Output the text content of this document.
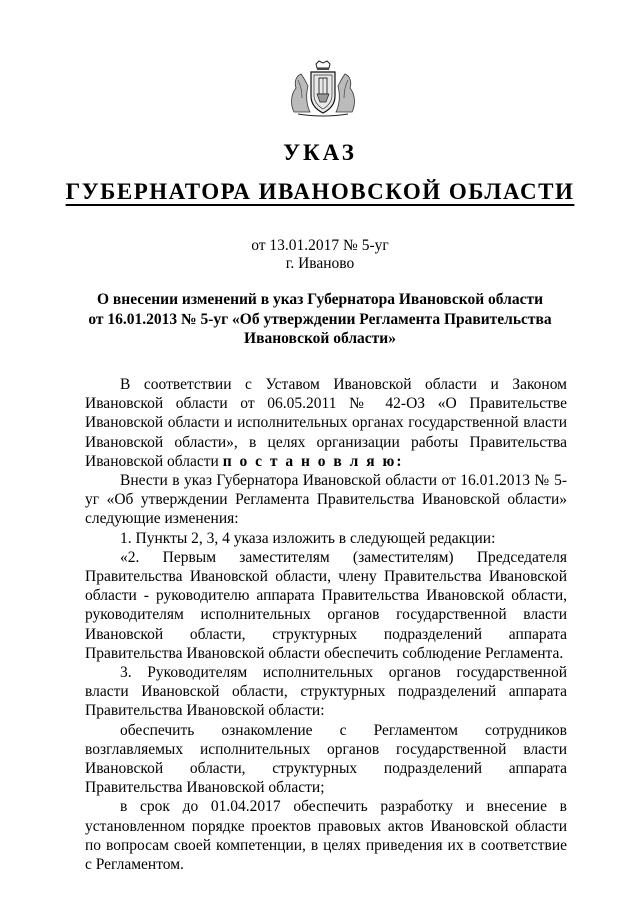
УКАЗ
ГУБЕРНАТОРА ИВАНОВСКОЙ ОБЛАСТИ
от 13.01.2017 № 5-уг
г. Иваново
О внесении изменений в указ Губернатора Ивановской области
от 16.01.2013 № 5-уг «Об утверждении Регламента Правительства
Ивановской области»

В соответствии с Уставом Ивановской области и Законом Ивановской области от 06.05.2011 № 42-ОЗ «О Правительстве Ивановской области и исполнительных органах государственной власти Ивановской области», в целях организации работы Правительства Ивановской области п о с т а н о в л я ю:

Внести в указ Губернатора Ивановской области от 16.01.2013 № 5-уг «Об утверждении Регламента Правительства Ивановской области» следующие изменения:

1. Пункты 2, 3, 4 указа изложить в следующей редакции:

«2. Первым заместителям (заместителям) Председателя Правительства Ивановской области, члену Правительства Ивановской области - руководителю аппарата Правительства Ивановской области, руководителям исполнительных органов государственной власти Ивановской области, структурных подразделений аппарата Правительства Ивановской области обеспечить соблюдение Регламента.

3. Руководителям исполнительных органов государственной власти Ивановской области, структурных подразделений аппарата Правительства Ивановской области:

обеспечить ознакомление с Регламентом сотрудников возглавляемых исполнительных органов государственной власти Ивановской области, структурных подразделений аппарата Правительства Ивановской области;

в срок до 01.04.2017 обеспечить разработку и внесение в установленном порядке проектов правовых актов Ивановской области по вопросам своей компетенции, в целях приведения их в соответствие с Регламентом.
